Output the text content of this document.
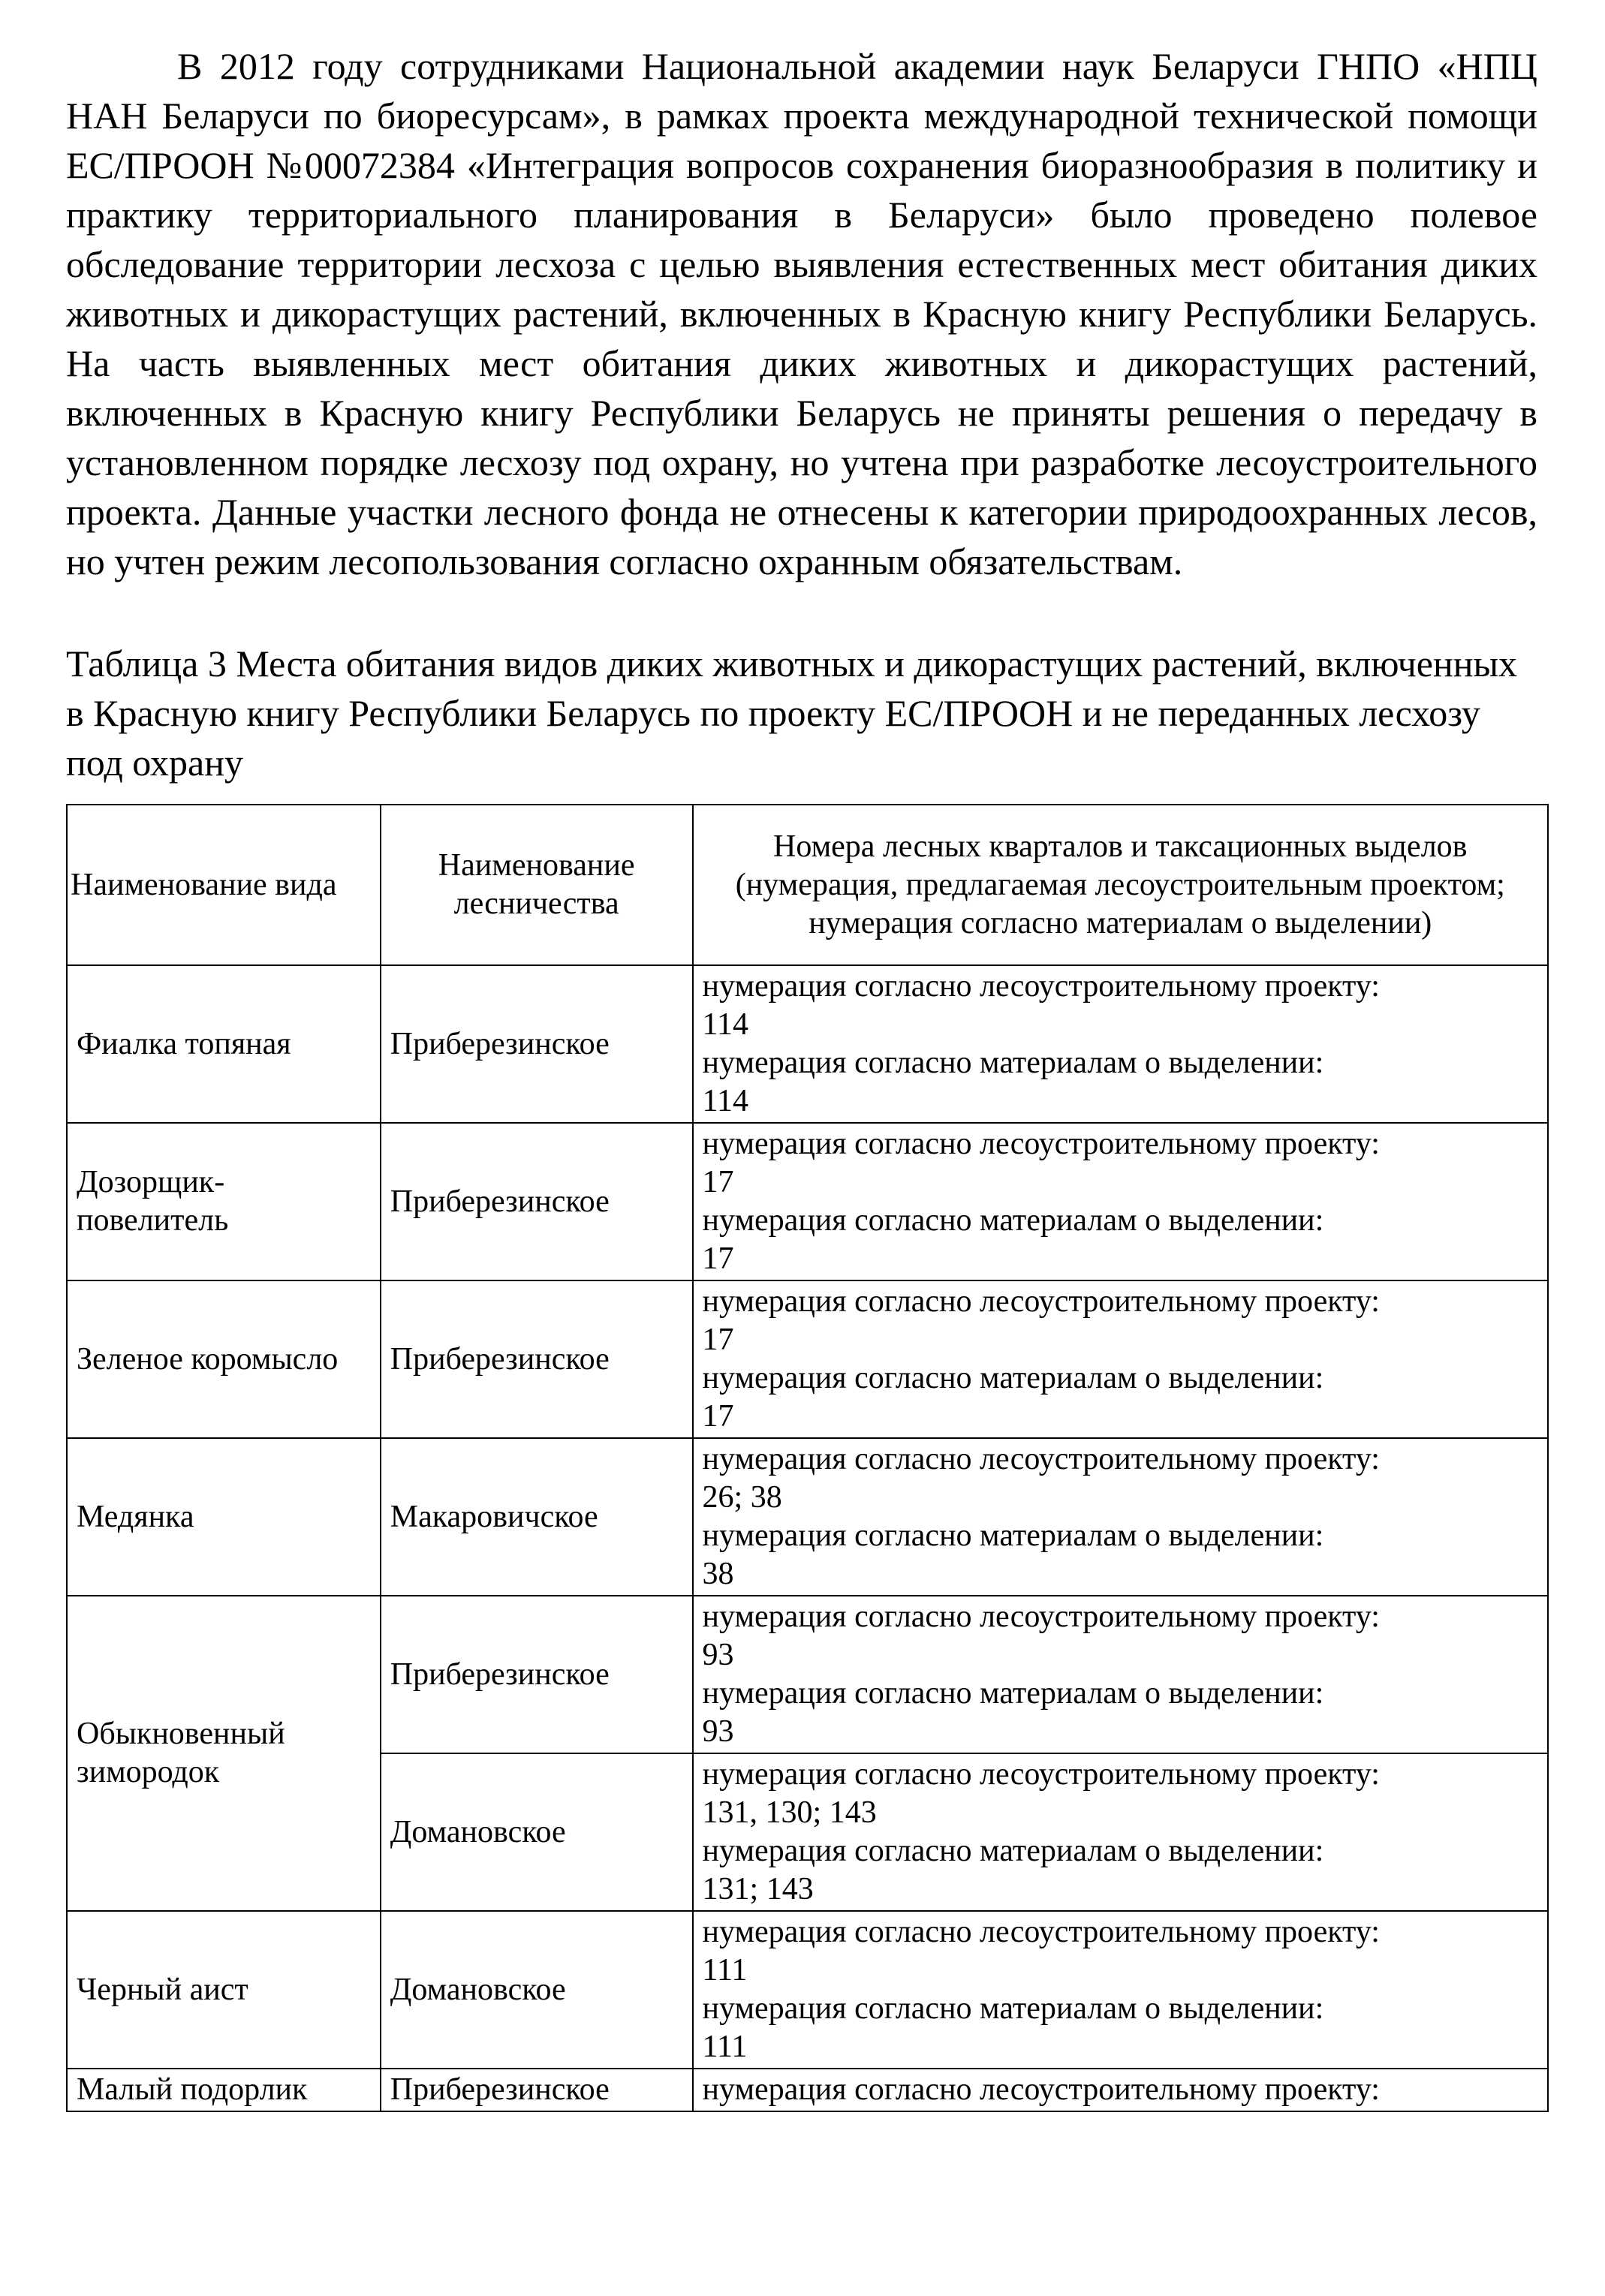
В 2012 году сотрудниками Национальной академии наук Беларуси ГНПО «НПЦ НАН Беларуси по биоресурсам», в рамках проекта международной технической помощи ЕС/ПРООН №00072384 «Интеграция вопросов сохранения биоразнообразия в политику и практику территориального планирования в Беларуси» было проведено полевое обследование территории лесхоза с целью выявления естественных мест обитания диких животных и дикорастущих растений, включенных в Красную книгу Республики Беларусь. На часть выявленных мест обитания диких животных и дикорастущих растений, включенных в Красную книгу Республики Беларусь не приняты решения о передачу в установленном порядке лесхозу под охрану, но учтена при разработке лесоустроительного проекта. Данные участки лесного фонда не отнесены к категории природоохранных лесов, но учтен режим лесопользования согласно охранным обязательствам.

Таблица 3 Места обитания видов диких животных и дикорастущих растений, включенных в Красную книгу Республики Беларусь по проекту ЕС/ПРООН и не переданных лесхозу под охрану

Наименование вида	Наименование лесничества	Номера лесных кварталов и таксационных выделов (нумерация, предлагаемая лесоустроительным проектом; нумерация согласно материалам о выделении)
Фиалка топяная	Приберезинское	нумерация согласно лесоустроительному проекту:
114
нумерация согласно материалам о выделении:
114

Дозорщик-повелитель	Приберезинское	нумерация согласно лесоустроительному проекту:
17
нумерация согласно материалам о выделении:
17

Зеленое коромысло	Приберезинское	нумерация согласно лесоустроительному проекту:
17
нумерация согласно материалам о выделении:
17

Медянка	Макаровичское	нумерация согласно лесоустроительному проекту:
26; 38
нумерация согласно материалам о выделении:
38

Обыкновенный зимородок	Приберезинское	нумерация согласно лесоустроительному проекту:
93
нумерация согласно материалам о выделении:
93

	Домановское	нумерация согласно лесоустроительному проекту:
131, 130; 143
нумерация согласно материалам о выделении:
131; 143

Черный аист	Домановское	нумерация согласно лесоустроительному проекту:
111
нумерация согласно материалам о выделении:
111

Малый подорлик	Приберезинское	нумерация согласно лесоустроительному проекту:
